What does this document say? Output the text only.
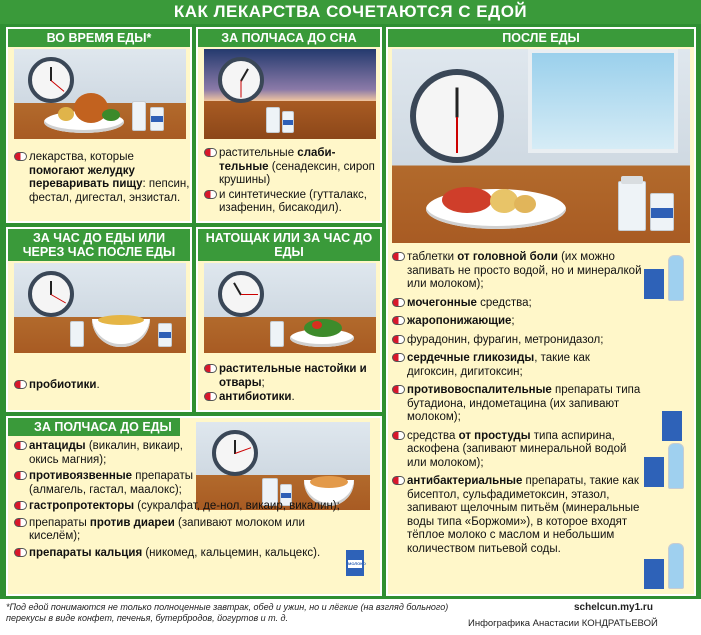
КАК ЛЕКАРСТВА СОЧЕТАЮТСЯ С ЕДОЙ
ВО ВРЕМЯ ЕДЫ*
лекарства, которые помогают желудку переваривать пищу: пепсин, фестал, дигестал, энзистал.
ЗА ПОЛЧАСА ДО СНА
растительные слаби-тельные (сенадексин, сироп крушины)
и синтетические (гутталакс, изафенин, бисакодил).
ЗА ЧАС ДО ЕДЫ ИЛИ ЧЕРЕЗ ЧАС ПОСЛЕ ЕДЫ
пробиотики.
НАТОЩАК ИЛИ ЗА ЧАС ДО ЕДЫ
растительные настойки и отвары;
антибиотики.
ЗА ПОЛЧАСА ДО ЕДЫ
антациды (викалин, викаир, окись магния);
противоязвенные препараты (алмагель, гастал, маалокс);
гастропротекторы (сукралфат, де-нол, викаир, викалин);
препараты против диареи (запивают молоком или киселём);
препараты кальция (никомед, кальцемин, кальцекс).
МОЛОКО
ПОСЛЕ ЕДЫ
таблетки от головной боли (их можно запивать не просто водой, но и минералкой или молоком);
мочегонные средства;
жаропонижающие;
фурадонин, фурагин, метронидазол;
сердечные гликозиды, такие как дигоксин, дигитоксин;
противовоспалительные препараты типа бутадиона, индометацина (их запивают молоком);
средства от простуды типа аспирина, аскофена (запивают минеральной водой или молоком);
антибактериальные препараты, такие как бисептол, сульфадиметоксин, этазол, запивают щелочным питьём (минеральные воды типа «Боржоми»), в которое входят тёплое молоко с маслом и небольшим количеством питьевой соды.
*Под едой понимаются не только полноценные завтрак, обед и ужин, но и лёгкие (на взгляд больного) перекусы в виде конфет, печенья, бутербродов, йогуртов и т. д.
schelcun.my1.ru
Инфографика Анастасии КОНДРАТЬЕВОЙ
